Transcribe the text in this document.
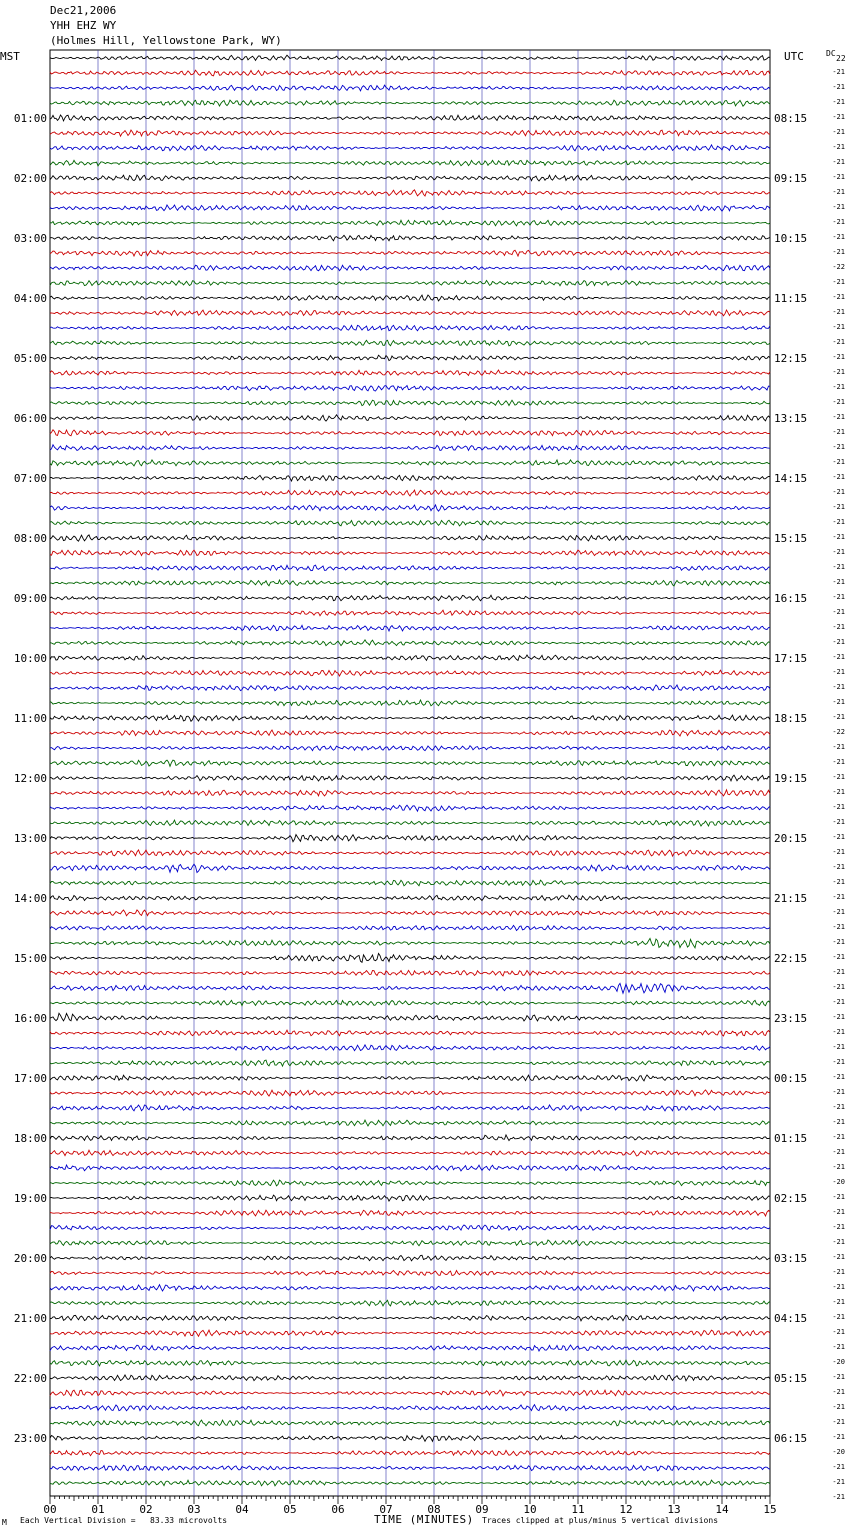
00	01	02	03	04	05	06	07	08	09	10	11	12	13	14	15
01:00	08:15
02:00	09:15
03:00	10:15
04:00	11:15
05:00	12:15
06:00	13:15
07:00	14:15
08:00	15:15
09:00	16:15
10:00	17:15
11:00	18:15
12:00	19:15
13:00	20:15
14:00	21:15
15:00	22:15
16:00	23:15
17:00	00:15
18:00	01:15
19:00	02:15
20:00	03:15
21:00	04:15
22:00	05:15
23:00	06:15
-21
-21
-21
-21
-21
-21
-21
-21
-21
-21
-21
-21
-21
-22
-21
-21
-21
-21
-21
-21
-21
-21
-21
-21
-21
-21
-21
-21
-21
-21
-21
-21
-21
-21
-21
-21
-21
-21
-21
-21
-21
-21
-21
-21
-22
-21
-21
-21
-21
-21
-21
-21
-21
-21
-21
-21
-21
-21
-21
-21
-21
-21
-21
-21
-21
-21
-21
-21
-21
-21
-21
-21
-21
-21
-20
-21
-21
-21
-21
-21
-21
-21
-21
-21
-21
-21
-20
-21
-21
-21
-21
-21
-20
-21
-21
-21
Dec21,2006
YHH EHZ WY
(Holmes Hill, Yellowstone Park, WY)
MST	UTC	DC
22
M Each Vertical Division =   83.33 microvolts	TIME (MINUTES) Traces clipped at plus/minus 5 vertical divisions
